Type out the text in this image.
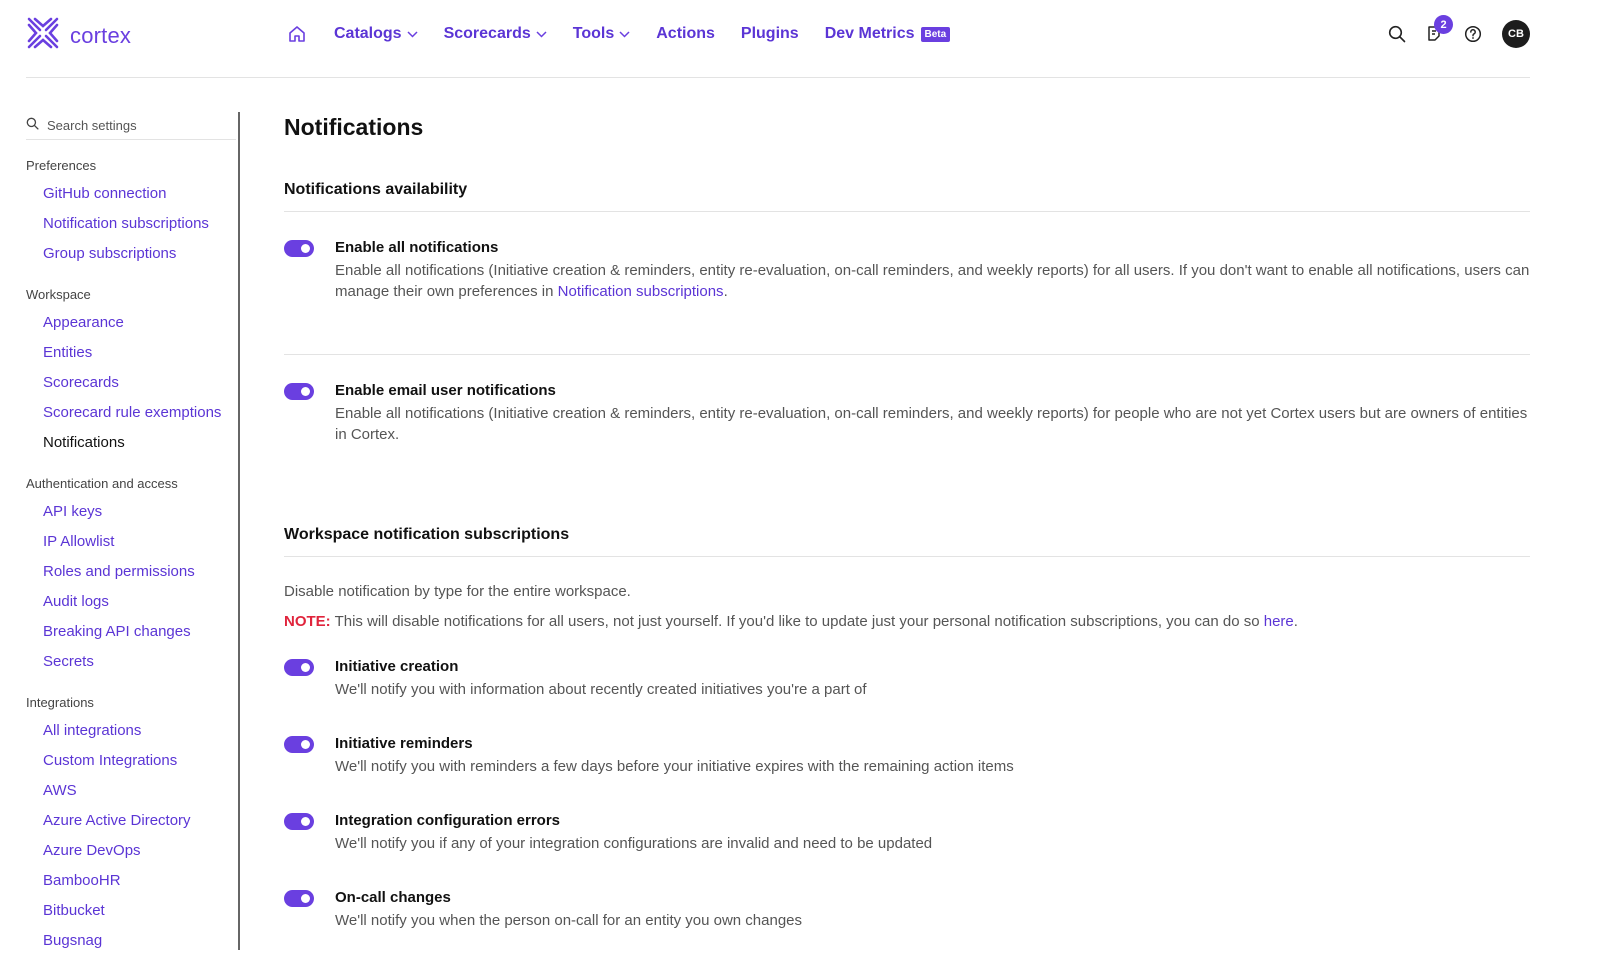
cortex	Catalogs	Scorecards	Tools	Actions Plugins Dev Metrics	Beta
2
CB
Search settings
Preferences
GitHub connection
Notification subscriptions
Group subscriptions
Workspace
Appearance
Entities
Scorecards
Scorecard rule exemptions
Notifications
Authentication and access
API keys
IP Allowlist
Roles and permissions
Audit logs
Breaking API changes
Secrets
Integrations
All integrations
Custom Integrations
AWS
Azure Active Directory
Azure DevOps
BambooHR
Bitbucket
Bugsnag
Notifications
Notifications availability
Enable all notifications
Enable all notifications (Initiative creation & reminders, entity re-evaluation, on-call reminders, and weekly reports) for all users. If you don't want to enable all notifications, users can manage their own preferences in Notification subscriptions.
Enable email user notifications
Enable all notifications (Initiative creation & reminders, entity re-evaluation, on-call reminders, and weekly reports) for people who are not yet Cortex users but are owners of entities in Cortex.
Workspace notification subscriptions
Disable notification by type for the entire workspace.
NOTE: This will disable notifications for all users, not just yourself. If you'd like to update just your personal notification subscriptions, you can do so here.
Initiative creation
We'll notify you with information about recently created initiatives you're a part of
Initiative reminders
We'll notify you with reminders a few days before your initiative expires with the remaining action items
Integration configuration errors
We'll notify you if any of your integration configurations are invalid and need to be updated
On-call changes
We'll notify you when the person on-call for an entity you own changes
